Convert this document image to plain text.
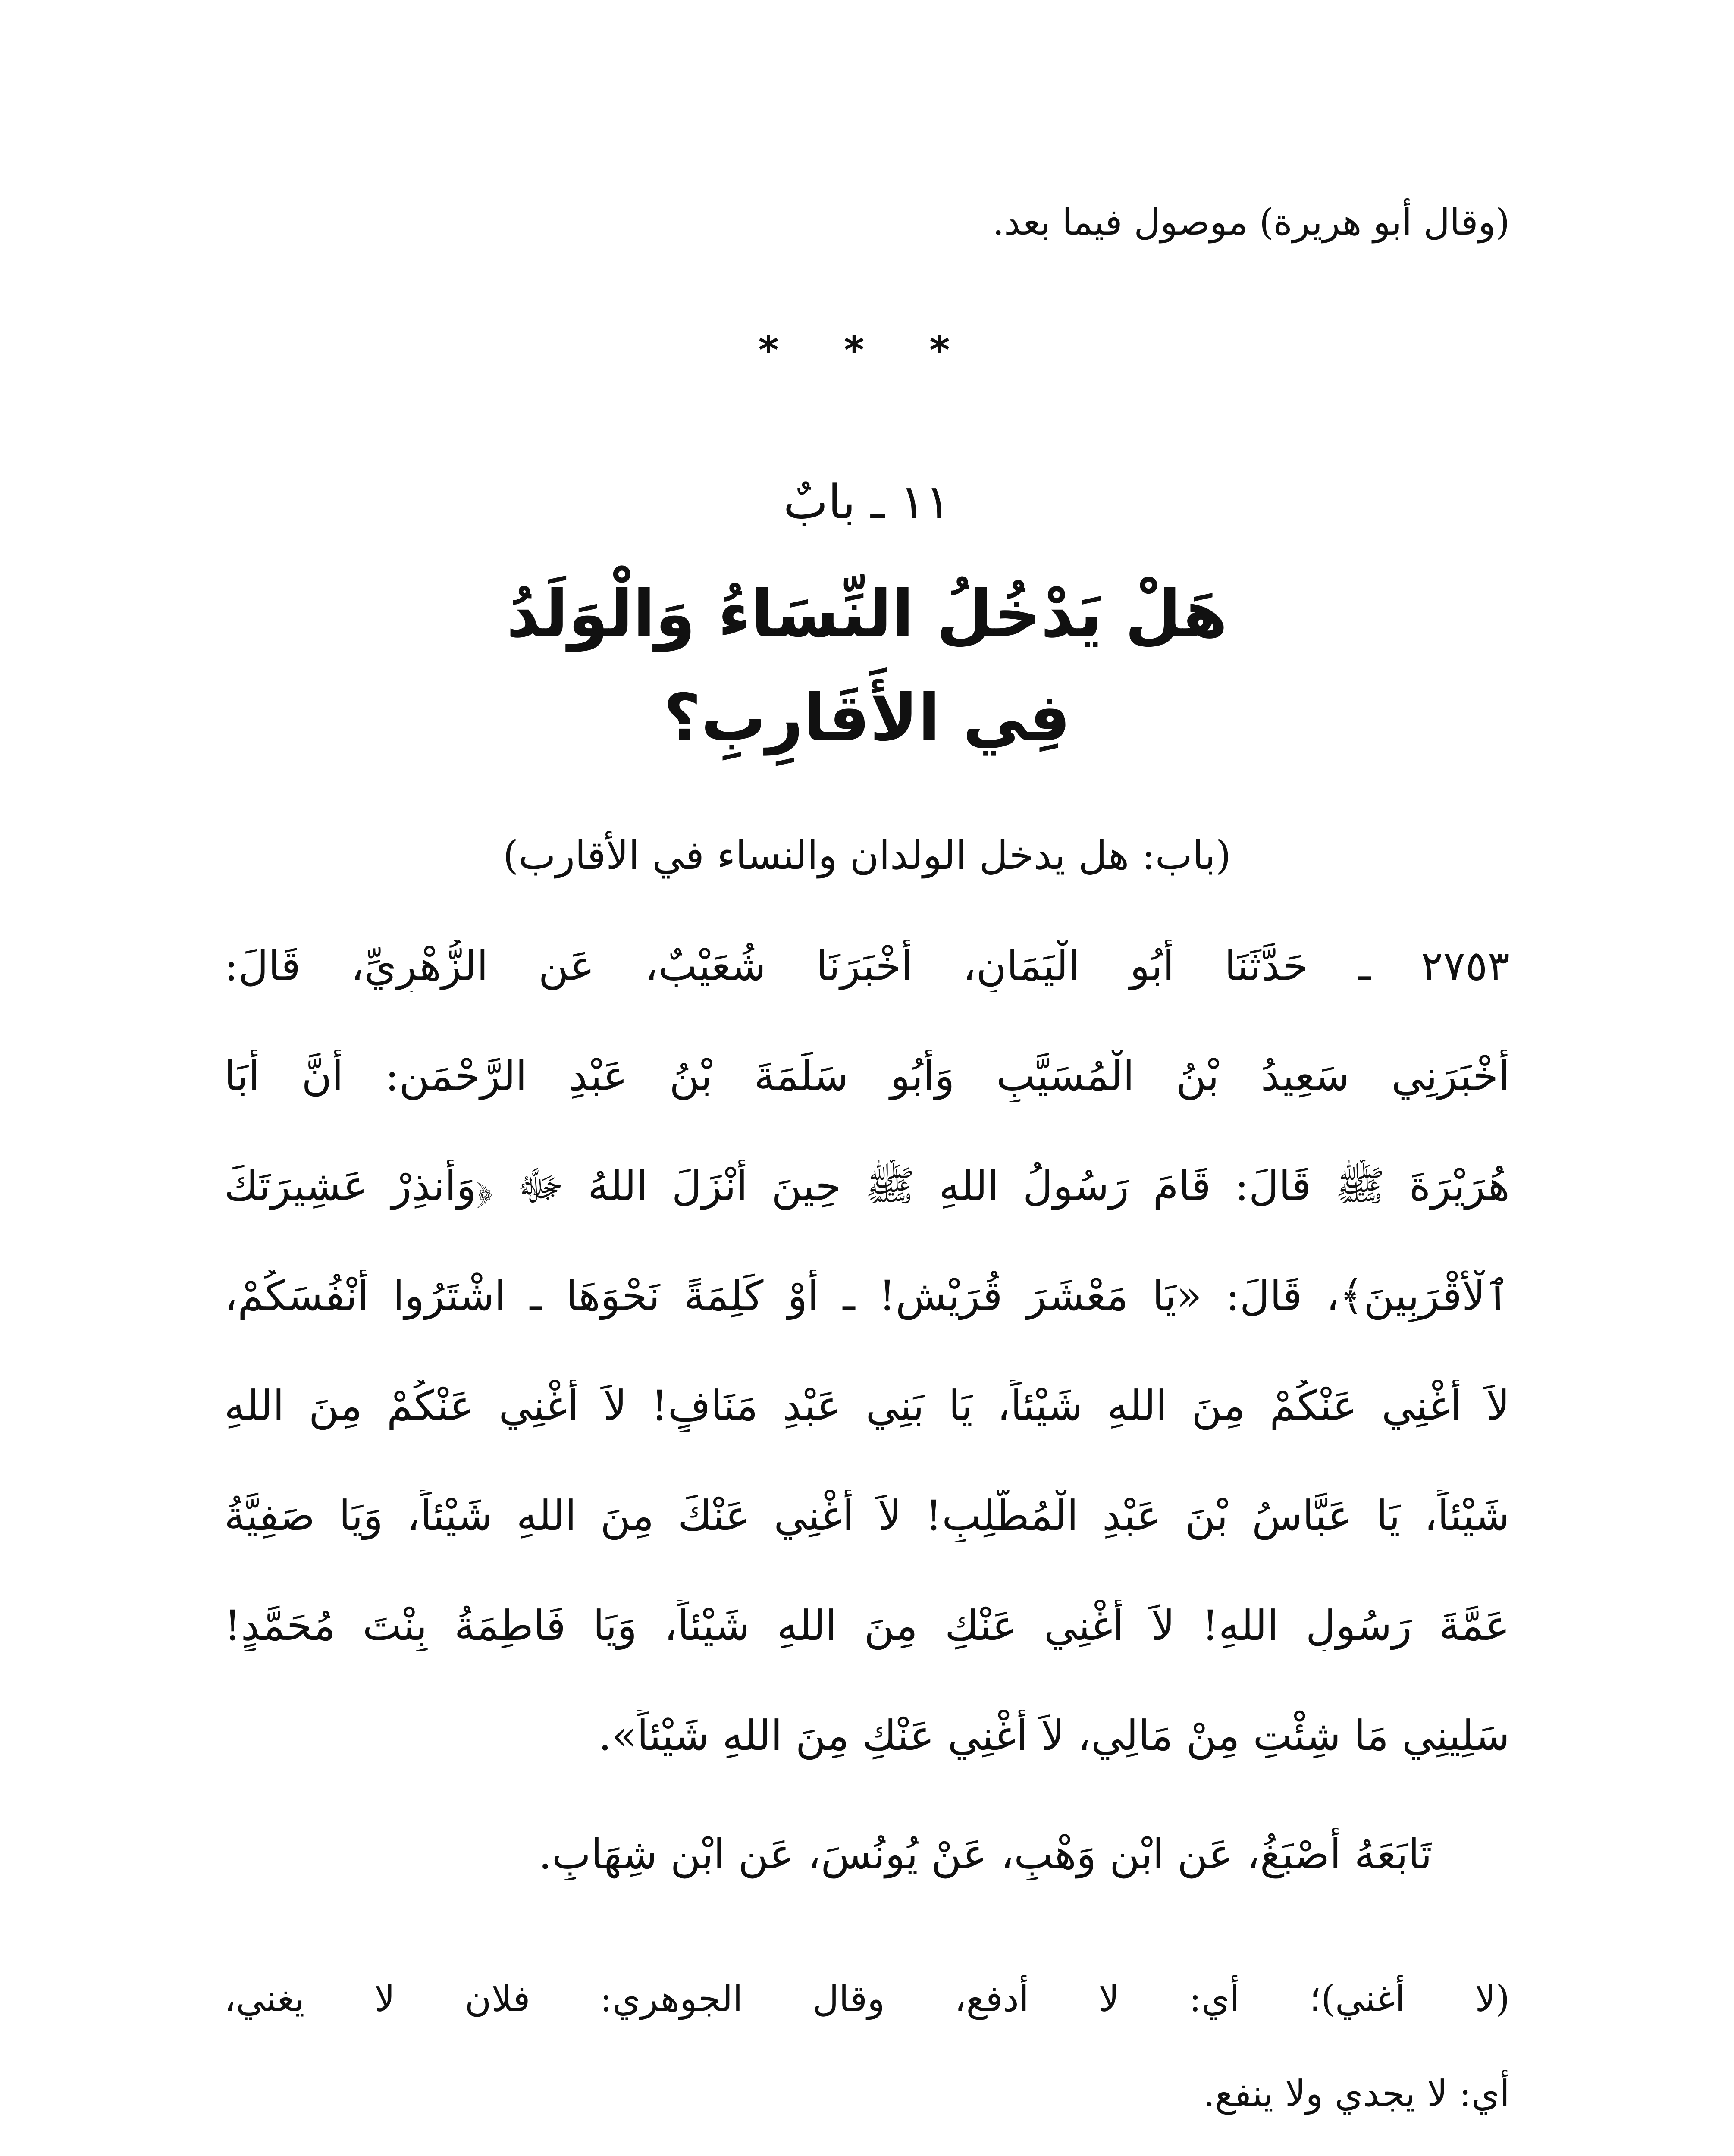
(وقال أبو هريرة) موصول فيما بعد.
* * *
١١ ـ بابٌ
هَلْ يَدْخُلُ النِّسَاءُ وَالْوَلَدُ
فِي الأَقَارِبِ؟
(باب: هل يدخل الولدان والنساء في الأقارب)
٢٧٥٣ ـ حَدَّثَنَا أَبُو الْيَمَانِ، أَخْبَرَنَا شُعَيْبٌ، عَنِ الزُّهْرِيِّ، قَالَ:
أَخْبَرَنِي سَعِيدُ بْنُ الْمُسَيَّبِ وَأَبُو سَلَمَةَ بْنُ عَبْدِ الرَّحْمَنِ: أَنَّ أَبَا
هُرَيْرَةَ ﷺ قَالَ: قَامَ رَسُولُ اللهِ ﷺ حِينَ أَنْزَلَ اللهُ ﷻ ﴿وَأَنذِرْ عَشِيرَتَكَ
ٱلْأَقْرَبِينَ﴾، قَالَ: «يَا مَعْشَرَ قُرَيْشٍ! ـ أَوْ كَلِمَةً نَحْوَهَا ـ اشْتَرُوا أَنْفُسَكُمْ،
لاَ أُغْنِي عَنْكُمْ مِنَ اللهِ شَيْئاً، يَا بَنِي عَبْدِ مَنَافٍ! لاَ أُغْنِي عَنْكُمْ مِنَ اللهِ
شَيْئاً، يَا عَبَّاسُ بْنَ عَبْدِ الْمُطَّلِبِ! لاَ أُغْنِي عَنْكَ مِنَ اللهِ شَيْئاً، وَيَا صَفِيَّةُ
عَمَّةَ رَسُولِ اللهِ! لاَ أُغْنِي عَنْكِ مِنَ اللهِ شَيْئاً، وَيَا فَاطِمَةُ بِنْتَ مُحَمَّدٍ!
سَلِينِي مَا شِئْتِ مِنْ مَالِي، لاَ أُغْنِي عَنْكِ مِنَ اللهِ شَيْئاً».
تَابَعَهُ أَصْبَغُ، عَنِ ابْنِ وَهْبٍ، عَنْ يُونُسَ، عَنِ ابْنِ شِهَابٍ.
(لا أُغني)؛ أي: لا أدفع، وقال الجوهري: فلان لا يغني،
أي: لا يجدي ولا ينفع.
